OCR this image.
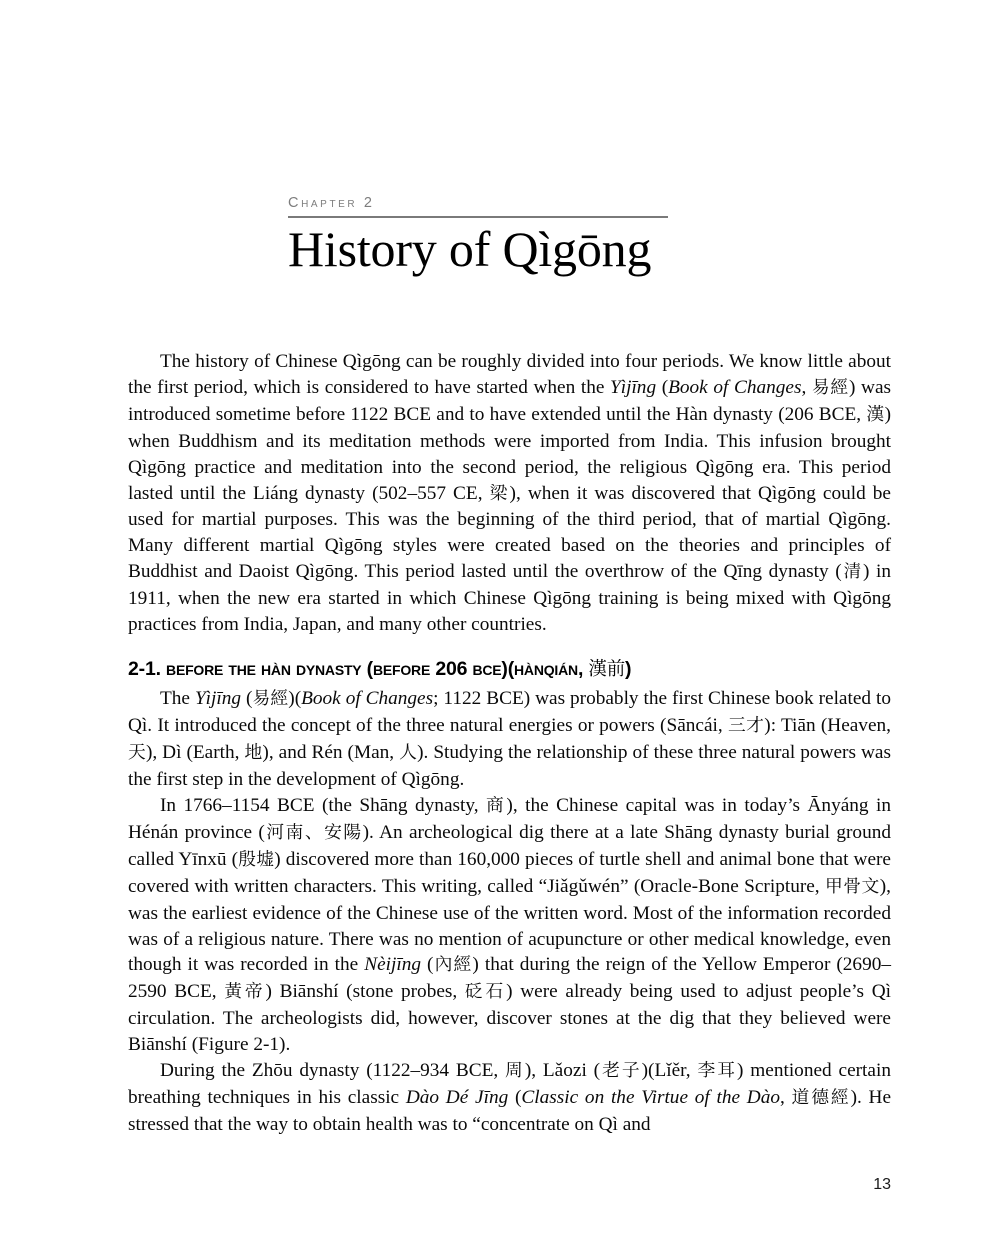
Chapter 2
History of Qìgōng

The history of Chinese Qìgōng can be roughly divided into four periods. We know little about the first period, which is considered to have started when the Yìjīng (Book of Changes, 易經) was introduced sometime before 1122 BCE and to have extended until the Hàn dynasty (206 BCE, 漢) when Buddhism and its meditation methods were imported from India. This infusion brought Qìgōng practice and meditation into the second period, the religious Qìgōng era. This period lasted until the Liáng dynasty (502–557 CE, 梁), when it was discovered that Qìgōng could be used for martial purposes. This was the beginning of the third period, that of martial Qìgōng. Many different martial Qìgōng styles were created based on the theories and principles of Buddhist and Daoist Qìgōng. This period lasted until the overthrow of the Qīng dynasty (清) in 1911, when the new era started in which Chinese Qìgōng training is being mixed with Qìgōng practices from India, Japan, and many other countries.

2-1. before the hàn dynasty (before 206 bce)(hànqián, 漢前)

The Yìjīng (易經)(Book of Changes; 1122 BCE) was probably the first Chinese book related to Qì. It introduced the concept of the three natural energies or powers (Sāncái, 三才): Tiān (Heaven, 天), Dì (Earth, 地), and Rén (Man, 人). Studying the relationship of these three natural powers was the first step in the development of Qìgōng.

In 1766–1154 BCE (the Shāng dynasty, 商), the Chinese capital was in today’s Ānyáng in Hénán province (河南、安陽). An archeological dig there at a late Shāng dynasty burial ground called Yīnxū (殷墟) discovered more than 160,000 pieces of turtle shell and animal bone that were covered with written characters. This writing, called “Jiǎgǔwén” (Oracle-Bone Scripture, 甲骨文), was the earliest evidence of the Chinese use of the written word. Most of the information recorded was of a religious nature. There was no mention of acupuncture or other medical knowledge, even though it was recorded in the Nèijīng (內經) that during the reign of the Yellow Emperor (2690–2590 BCE, 黃帝) Biānshí (stone probes, 砭石) were already being used to adjust people’s Qì circulation. The archeologists did, however, discover stones at the dig that they believed were Biānshí (Figure 2-1).

During the Zhōu dynasty (1122–934 BCE, 周), Lǎozi (老子)(Lǐěr, 李耳) mentioned certain breathing techniques in his classic Dào Dé Jīng (Classic on the Virtue of the Dào, 道德經). He stressed that the way to obtain health was to “concentrate on Qì and

13
